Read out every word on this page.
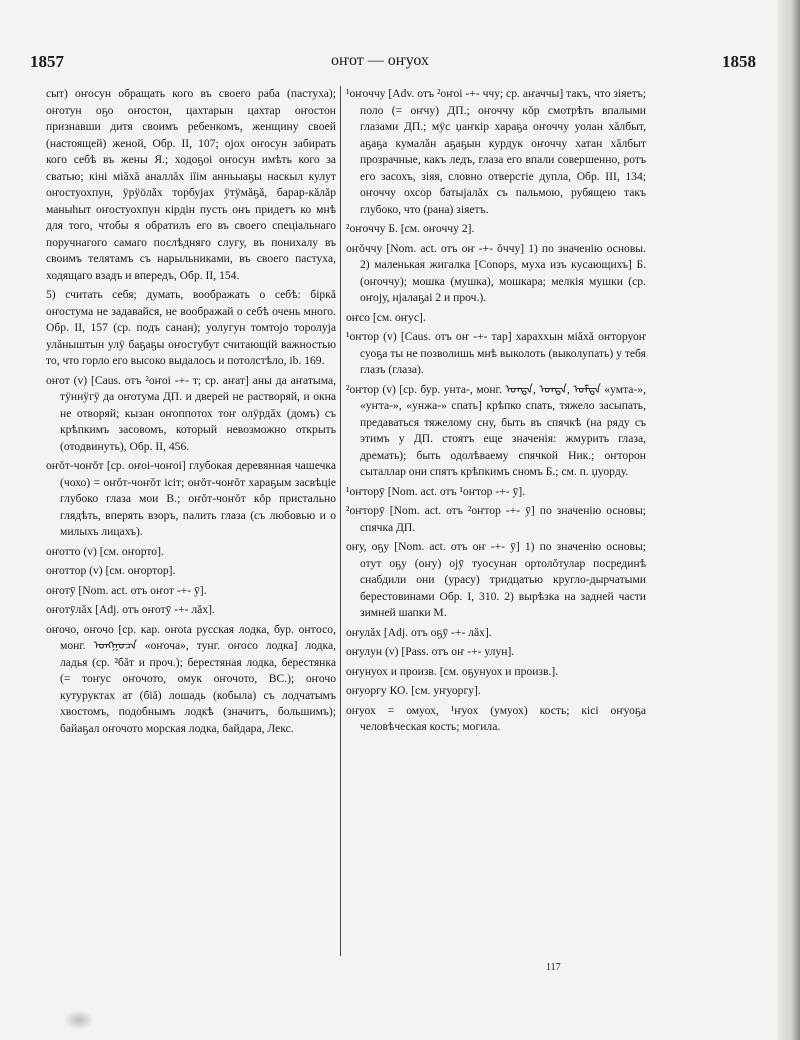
1857	оҥот — оҥуох	1858

сыт) оҥосун обращать кого въ своего раба (пастуха); оҥотун оҕо оҥостон, цахтарын цахтар оҥостон признавши дитя своимъ ребенкомъ, женщину своей (настоящей) женой, Обр. II, 107; ојох оҥосун забирать кого себѣ въ жены Я.; ходоҕоі оҥосун имѣть кого за сватью; кіні міăхă аналлăх іĭім анньыаҕы наскыл кулут оҥостуохпун, ӱрӱӧлăх торбујах ӱтӱмăҕă, барар-кăлăр маныһыт оҥостуохпун кірдін пусть онъ придетъ ко мнѣ для того, чтобы я обратилъ его въ своего спеціальнаго поручнагого самаго послѣдняго слугу, въ понихалу въ своимъ телятамъ съ нарыльниками, въ своего пастуха, ходящаго взадъ и впередъ, Обр. II, 154.

5) считать себя; думать, воображать о себѣ: біркă оҥостума не задавайся, не воображай о себѣ очень много. Обр. II, 157 (ср. подъ санан); уолугун томтојо торолуја улăныштын улӱ баҕаҕы оҥостубут считающій важностью то, что горло его высоко выдалось и потолстѣло, ib. 169.

оҥот (v) [Caus. отъ ²оҥоі -+- т; ср. аҥат] аны да аҥатыма, тӱннӱгӱ да оҥотума ДП. и дверей не растворяй, и окна не отворяй; кызан оҥоппотох тоҥ олӱрдăх (домъ) съ крѣпкимъ засовомъ, который невозможно открыть (отодвинуть), Обр. II, 456.

оҥŏт-чоҥŏт [ср. оҥоі-чоҥоі] глубокая деревянная чашечка (чохо) = оҥŏт-чоҥŏт ісіт; оҥŏт-чоҥŏт хараҕым засвѣціе глубоко глаза мои В.; оҥŏт-чоҥŏт кŏр пристально глядѣть, вперять взоръ, палить глаза (съ любовью и о милыхъ лицахъ).

оҥотто (v) [см. оҥорто].

оҥоттор (v) [см. оҥортор].

оҥотӯ [Nom. act. отъ оҥот -+- ӯ].

оҥотӯлăх [Adj. отъ оҥотӯ -+- лăх].

оҥочо, оҥочо [ср. кар. оҥоtа русская лодка, бур. оҥгосо, монг. ᠣᠩᠭᠣᠴᠠ «оҥоча», тунг. оҥосо лодка] лодка, ладья (ср. ²бăт и проч.); берестяная лодка, берестянка (= тоҥус оҥочото, омук оҥочото, ВС.); оҥочо кутуруктах ат (біă) лошадь (кобыла) съ лодчатымъ хвостомъ, подобнымъ лодкѣ (значитъ, большимъ); байаҕал оҥочото морская лодка, байдара, Лекс.

¹оҥоччу [Adv. отъ ²оҥоі -+- ччу; ср. аҥаччы] такъ, что зіяетъ; поло (= оҥчу) ДП.; оҥоччу кŏр смотрѣть впалыми глазами ДП.; мӱс џаҥкір хараҕа оҥоччу уолан хăлбыт, аҕаҕа кумалăн аҕаҕын курдук оҥоччу хатан хăлбыт прозрачные, какъ ледъ, глаза его впали совершенно, ротъ его засохъ, зіяя, словно отверстіе дупла, Обр. III, 134; оҥоччу охсор батыјалăх съ пальмою, рубящею такъ глубоко, что (рана) зіяетъ.

²оҥоччу Б. [см. оҥоччу 2].

оҥŏччу [Nom. act. отъ оҥ -+- ŏччу] 1) по значенію основы. 2) маленькая жигалка [Conops, муха изъ кусающихъ] Б. (оҥоччу); мошка (мушка), мошкара; мелкія мушки (ср. оҥоју, нјалаҕаі 2 и проч.).

оҥсо [см. оҥус].

¹оҥтор (v) [Caus. отъ оҥ -+- тар] хараххын міăхă оҥторуоҥ суоҕа ты не позволишь мнѣ выколоть (выколупать) у тебя глазъ (глаза).

²оҥтор (v) [ср. бур. унта-, монг. ᠤᠨᠲᠠ, ᠤᠨᠳᠠ, ᠤᠮᠲᠠ «умта-», «уҥта-», «унжа-» спать] крѣпко спать, тяжело засыпать, предаваться тяжелому сну, быть въ спячкѣ (на ряду съ этимъ у ДП. стоятъ еще значенія: жмурить глаза, дремать); быть одолѣваему спячкой Ник.; оҥторон сыталлар они спятъ крѣпкимъ сномъ Б.; см. п. џуорду.

¹оҥторӯ [Nom. act. отъ ¹оҥтор -+- ӯ].

²оҥторӯ [Nom. act. отъ ²оҥтор -+- ӯ] по значенію основы; спячка ДП.

оҥу, оҕу [Nom. act. отъ оҥ -+- ӯ] 1) по значенію основы; отут оҕу (оҥу) ојӯ туосунан ортолŏтулар посрединѣ снабдили они (урасу) тридцатью кругло-дырчатыми берестовинами Обр. I, 310. 2) вырѣзка на задней части зимней шапки М.

оҥулăх [Adj. отъ оҕӯ -+- лăх].

оҥулун (v) [Pass. отъ оҥ -+- улун].

оҥунуох и произв. [см. оҕунуох и произв.].

оҥуоргу КО. [см. уҥуоргу].

оҥуох = омуох, ¹ҥуох (умуох) кость; кісі оҥуоҕа человѣческая кость; могила.

117
